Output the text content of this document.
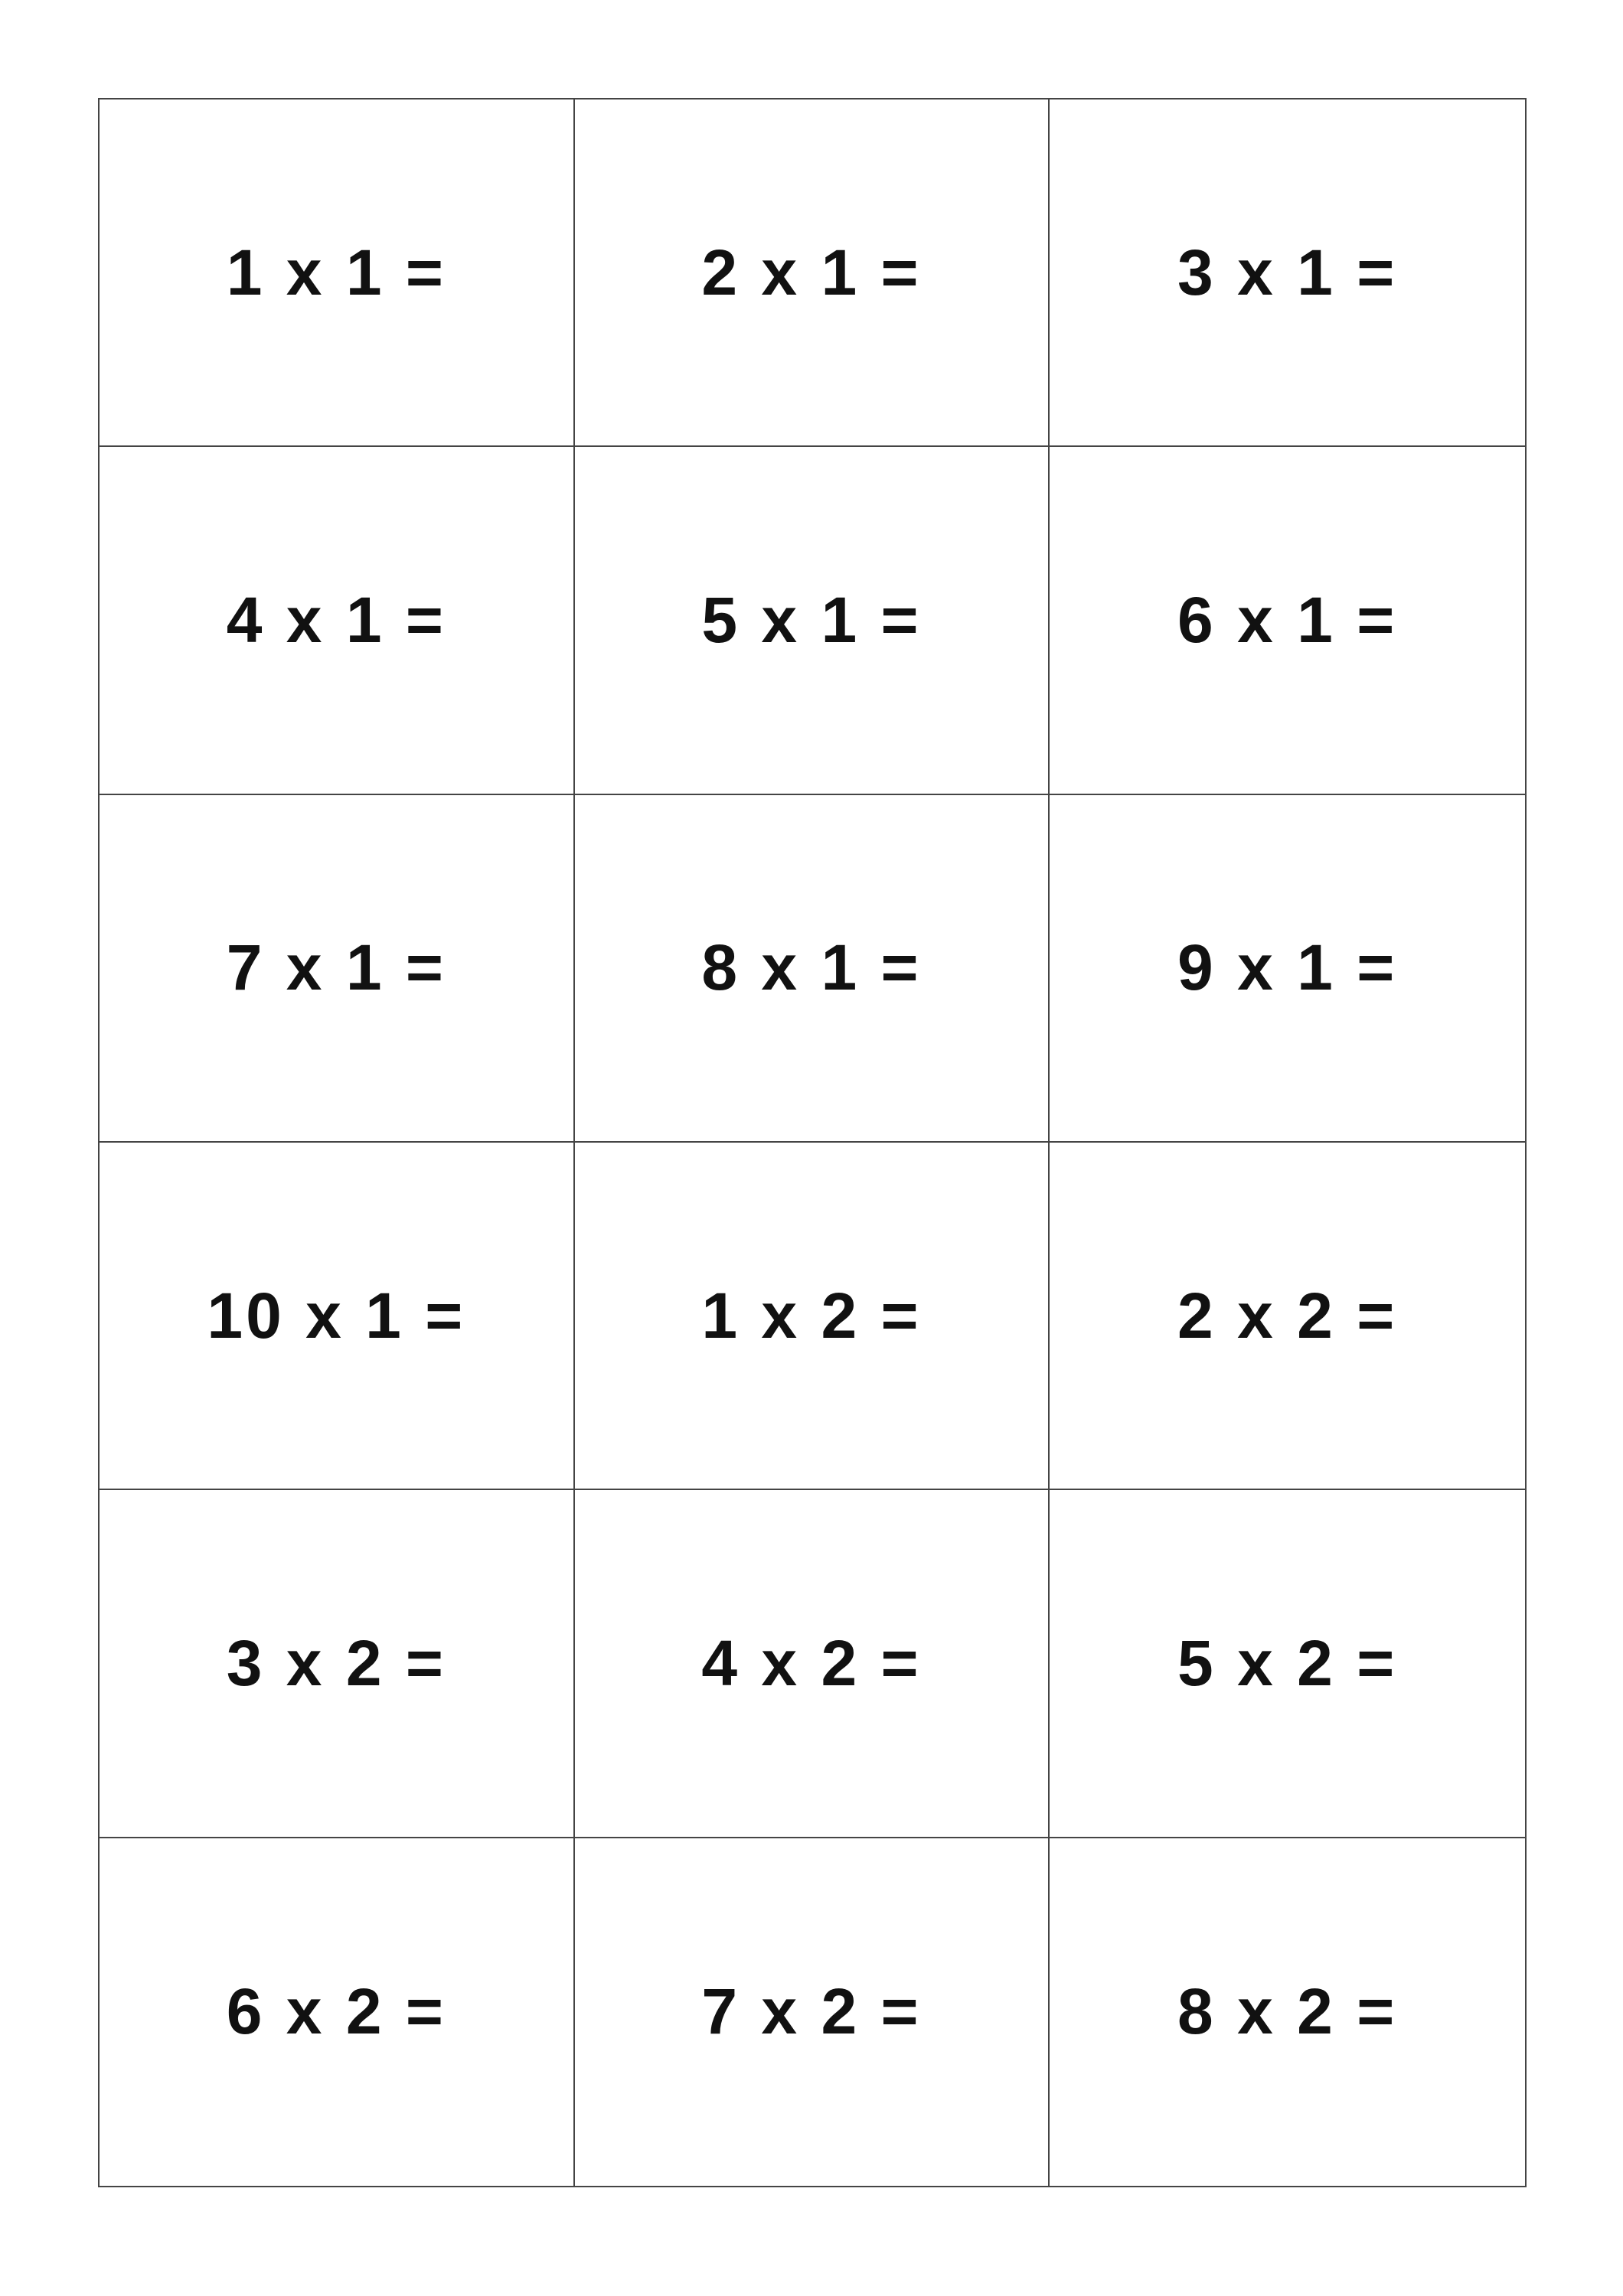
1 x 1 =	2 x 1 =	3 x 1 =
4 x 1 =	5 x 1 =	6 x 1 =
7 x 1 =	8 x 1 =	9 x 1 =
10 x 1 =	1 x 2 =	2 x 2 =
3 x 2 =	4 x 2 =	5 x 2 =
6 x 2 =	7 x 2 =	8 x 2 =
